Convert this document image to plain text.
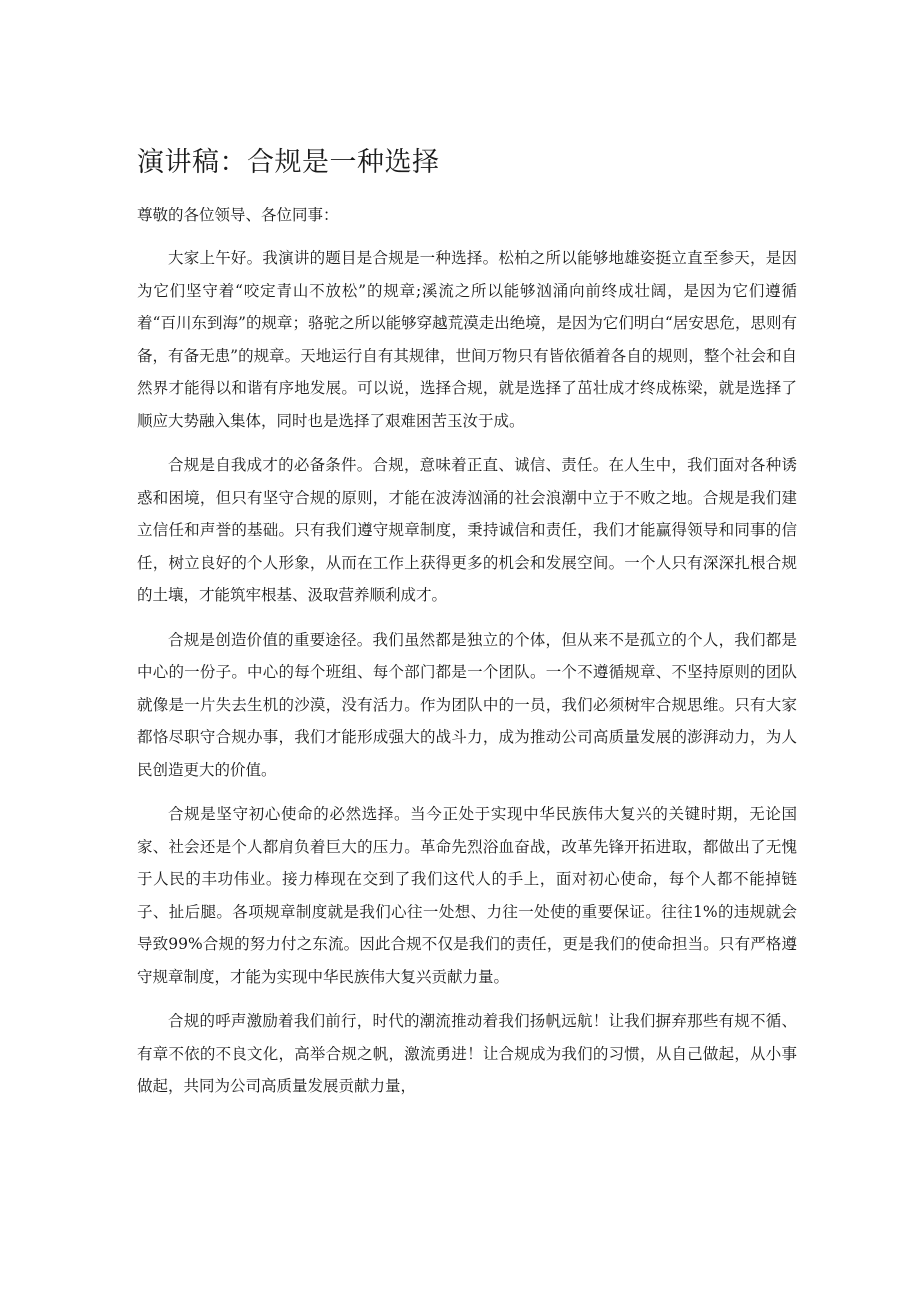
演讲稿：合规是一种选择

尊敬的各位领导、各位同事：

大家上午好。我演讲的题目是合规是一种选择。松柏之所以能够地雄姿挺立直至参天，是因为它们坚守着“咬定青山不放松”的规章;溪流之所以能够汹涌向前终成壮阔，是因为它们遵循着“百川东到海”的规章；骆驼之所以能够穿越荒漠走出绝境，是因为它们明白“居安思危，思则有备，有备无患”的规章。天地运行自有其规律，世间万物只有皆依循着各自的规则，整个社会和自然界才能得以和谐有序地发展。可以说，选择合规，就是选择了茁壮成才终成栋梁，就是选择了顺应大势融入集体，同时也是选择了艰难困苦玉汝于成。

合规是自我成才的必备条件。合规，意味着正直、诚信、责任。在人生中，我们面对各种诱惑和困境，但只有坚守合规的原则，才能在波涛汹涌的社会浪潮中立于不败之地。合规是我们建立信任和声誉的基础。只有我们遵守规章制度，秉持诚信和责任，我们才能赢得领导和同事的信任，树立良好的个人形象，从而在工作上获得更多的机会和发展空间。一个人只有深深扎根合规的土壤，才能筑牢根基、汲取营养顺利成才。

合规是创造价值的重要途径。我们虽然都是独立的个体，但从来不是孤立的个人，我们都是中心的一份子。中心的每个班组、每个部门都是一个团队。一个不遵循规章、不坚持原则的团队就像是一片失去生机的沙漠，没有活力。作为团队中的一员，我们必须树牢合规思维。只有大家都恪尽职守合规办事，我们才能形成强大的战斗力，成为推动公司高质量发展的澎湃动力，为人民创造更大的价值。

合规是坚守初心使命的必然选择。当今正处于实现中华民族伟大复兴的关键时期，无论国家、社会还是个人都肩负着巨大的压力。革命先烈浴血奋战，改革先锋开拓进取，都做出了无愧于人民的丰功伟业。接力棒现在交到了我们这代人的手上，面对初心使命，每个人都不能掉链子、扯后腿。各项规章制度就是我们心往一处想、力往一处使的重要保证。往往1%的违规就会导致99%合规的努力付之东流。因此合规不仅是我们的责任，更是我们的使命担当。只有严格遵守规章制度，才能为实现中华民族伟大复兴贡献力量。

合规的呼声激励着我们前行，时代的潮流推动着我们扬帆远航！让我们摒弃那些有规不循、有章不依的不良文化，高举合规之帆，激流勇进！让合规成为我们的习惯，从自己做起，从小事做起，共同为公司高质量发展贡献力量，
